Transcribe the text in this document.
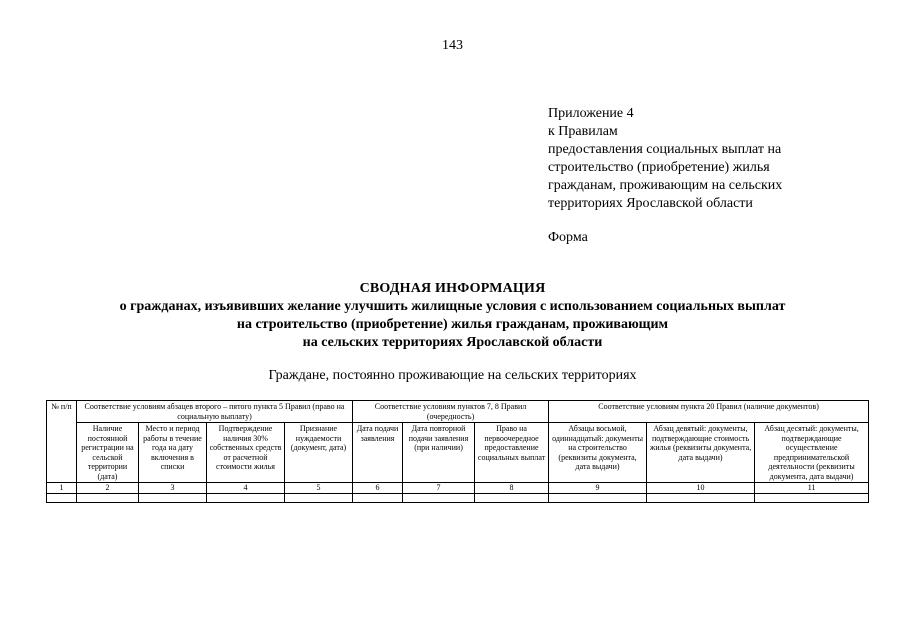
143
Приложение 4
к Правилам
предоставления социальных выплат на
строительство (приобретение) жилья
гражданам, проживающим на сельских
территориях Ярославской области
Форма
СВОДНАЯ ИНФОРМАЦИЯ
о гражданах, изъявивших желание улучшить жилищные условия с использованием социальных выплат
на строительство (приобретение) жилья гражданам, проживающим
на сельских территориях Ярославской области
Граждане, постоянно проживающие на сельских территориях
№ п/п	Соответствие условиям абзацев второго – пятого пункта 5 Правил (право на социальную выплату)				Соответствие условиям пунктов 7, 8 Правил (очередность)			Соответствие условиям пункта 20 Правил (наличие документов)		
	Наличие постоянной регистрации на сельской территории (дата)	Место и период работы в течение года на дату включения в списки	Подтверждение наличия 30% собственных средств от расчетной стоимости жилья	Признание нуждаемости (документ, дата)	Дата подачи заявления	Дата повторной подачи заявления (при наличии)	Право на первоочередное предоставление социальных выплат	Абзацы восьмой, одиннадцатый: документы на строительство (реквизиты документа, дата выдачи)	Абзац девятый: документы, подтверждающие стоимость жилья (реквизиты документа, дата выдачи)	Абзац десятый: документы, подтверждающие осуществление предпринимательской деятельности (реквизиты документа, дата выдачи)
1	2	3	4	5	6	7	8	9	10	11
